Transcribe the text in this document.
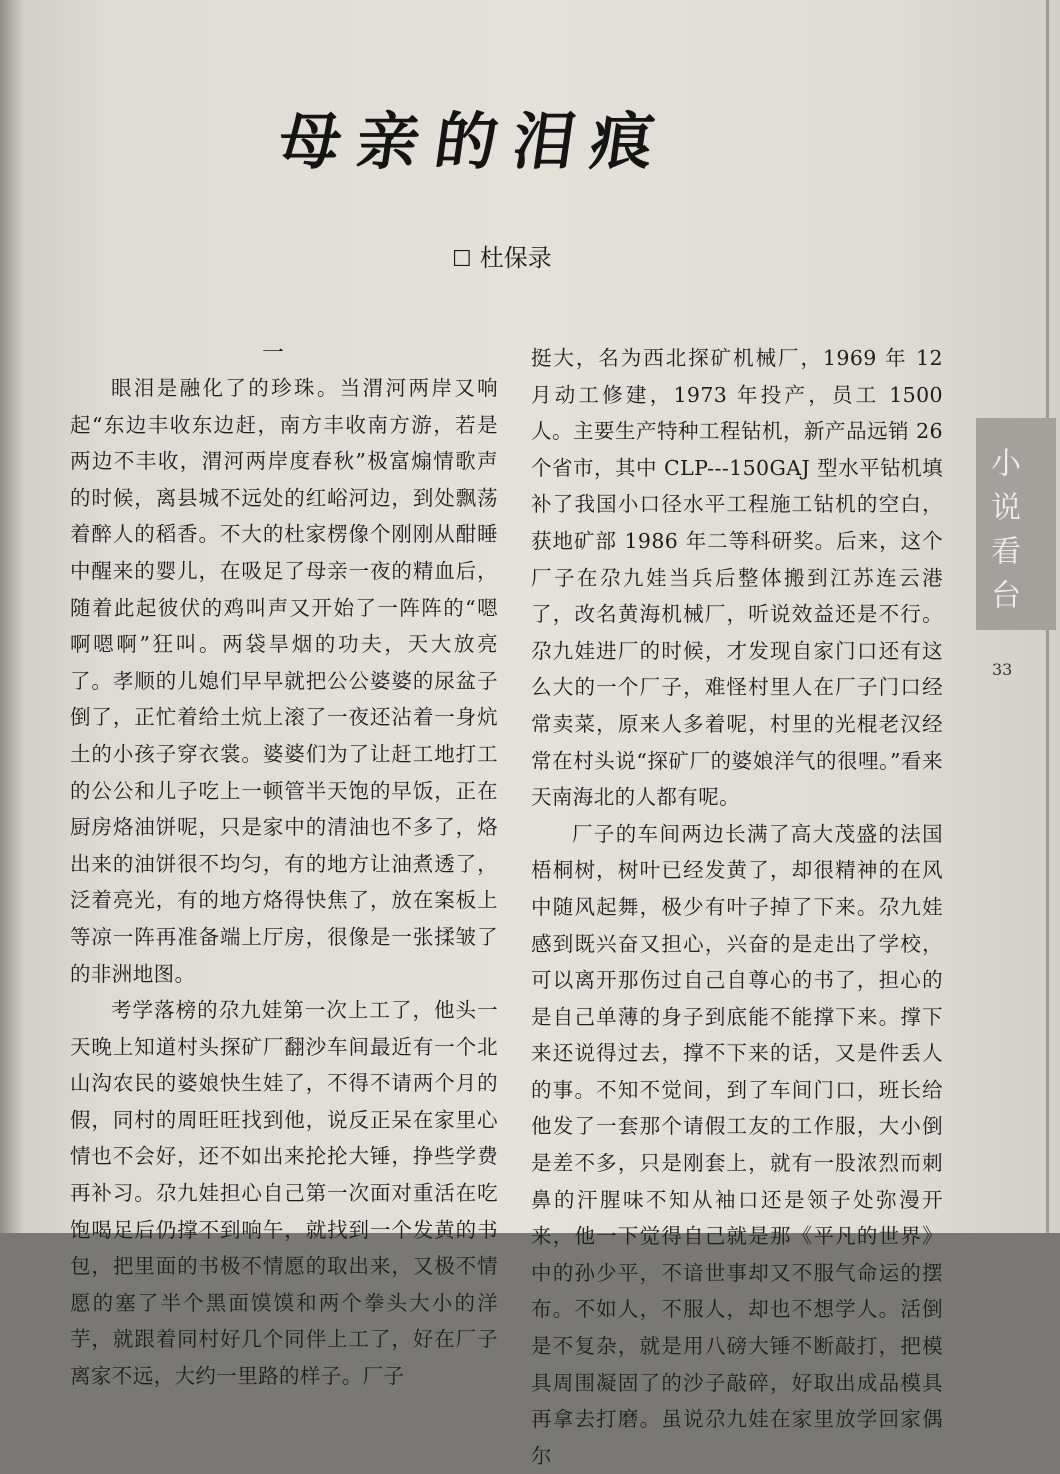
母亲的泪痕
☐ 杜保录
一

眼泪是融化了的珍珠。当渭河两岸又响起“东边丰收东边赶，南方丰收南方游，若是两边不丰收，渭河两岸度春秋”极富煽情歌声的时候，离县城不远处的红峪河边，到处飘荡着醉人的稻香。不大的杜家楞像个刚刚从酣睡中醒来的婴儿，在吸足了母亲一夜的精血后，随着此起彼伏的鸡叫声又开始了一阵阵的“嗯啊嗯啊”狂叫。两袋旱烟的功夫，天大放亮了。孝顺的儿媳们早早就把公公婆婆的尿盆子倒了，正忙着给土炕上滚了一夜还沾着一身炕土的小孩子穿衣裳。婆婆们为了让赶工地打工的公公和儿子吃上一顿管半天饱的早饭，正在厨房烙油饼呢，只是家中的清油也不多了，烙出来的油饼很不均匀，有的地方让油煮透了，泛着亮光，有的地方烙得快焦了，放在案板上等凉一阵再准备端上厅房，很像是一张揉皱了的非洲地图。

考学落榜的尕九娃第一次上工了，他头一天晚上知道村头探矿厂翻沙车间最近有一个北山沟农民的婆娘快生娃了，不得不请两个月的假，同村的周旺旺找到他，说反正呆在家里心情也不会好，还不如出来抡抡大锤，挣些学费再补习。尕九娃担心自己第一次面对重活在吃饱喝足后仍撑不到响午，就找到一个发黄的书包，把里面的书极不情愿的取出来，又极不情愿的塞了半个黑面馍馍和两个拳头大小的洋芋，就跟着同村好几个同伴上工了，好在厂子离家不远，大约一里路的样子。厂子

挺大，名为西北探矿机械厂，1969 年 12 月动工修建，1973 年投产，员工 1500 人。主要生产特种工程钻机，新产品远销 26 个省市，其中 CLP---150GAJ 型水平钻机填补了我国小口径水平工程施工钻机的空白，获地矿部 1986 年二等科研奖。后来，这个厂子在尕九娃当兵后整体搬到江苏连云港了，改名黄海机械厂，听说效益还是不行。尕九娃进厂的时候，才发现自家门口还有这么大的一个厂子，难怪村里人在厂子门口经常卖菜，原来人多着呢，村里的光棍老汉经常在村头说“探矿厂的婆娘洋气的很哩。”看来天南海北的人都有呢。

厂子的车间两边长满了高大茂盛的法国梧桐树，树叶已经发黄了，却很精神的在风中随风起舞，极少有叶子掉了下来。尕九娃感到既兴奋又担心，兴奋的是走出了学校，可以离开那伤过自己自尊心的书了，担心的是自己单薄的身子到底能不能撑下来。撑下来还说得过去，撑不下来的话，又是件丢人的事。不知不觉间，到了车间门口，班长给他发了一套那个请假工友的工作服，大小倒是差不多，只是刚套上，就有一股浓烈而刺鼻的汗腥味不知从袖口还是领子处弥漫开来，他一下觉得自己就是那《平凡的世界》中的孙少平，不谙世事却又不服气命运的摆布。不如人，不服人，却也不想学人。活倒是不复杂，就是用八磅大锤不断敲打，把模具周围凝固了的沙子敲碎，好取出成品模具再拿去打磨。虽说尕九娃在家里放学回家偶尔

小说看台
33
